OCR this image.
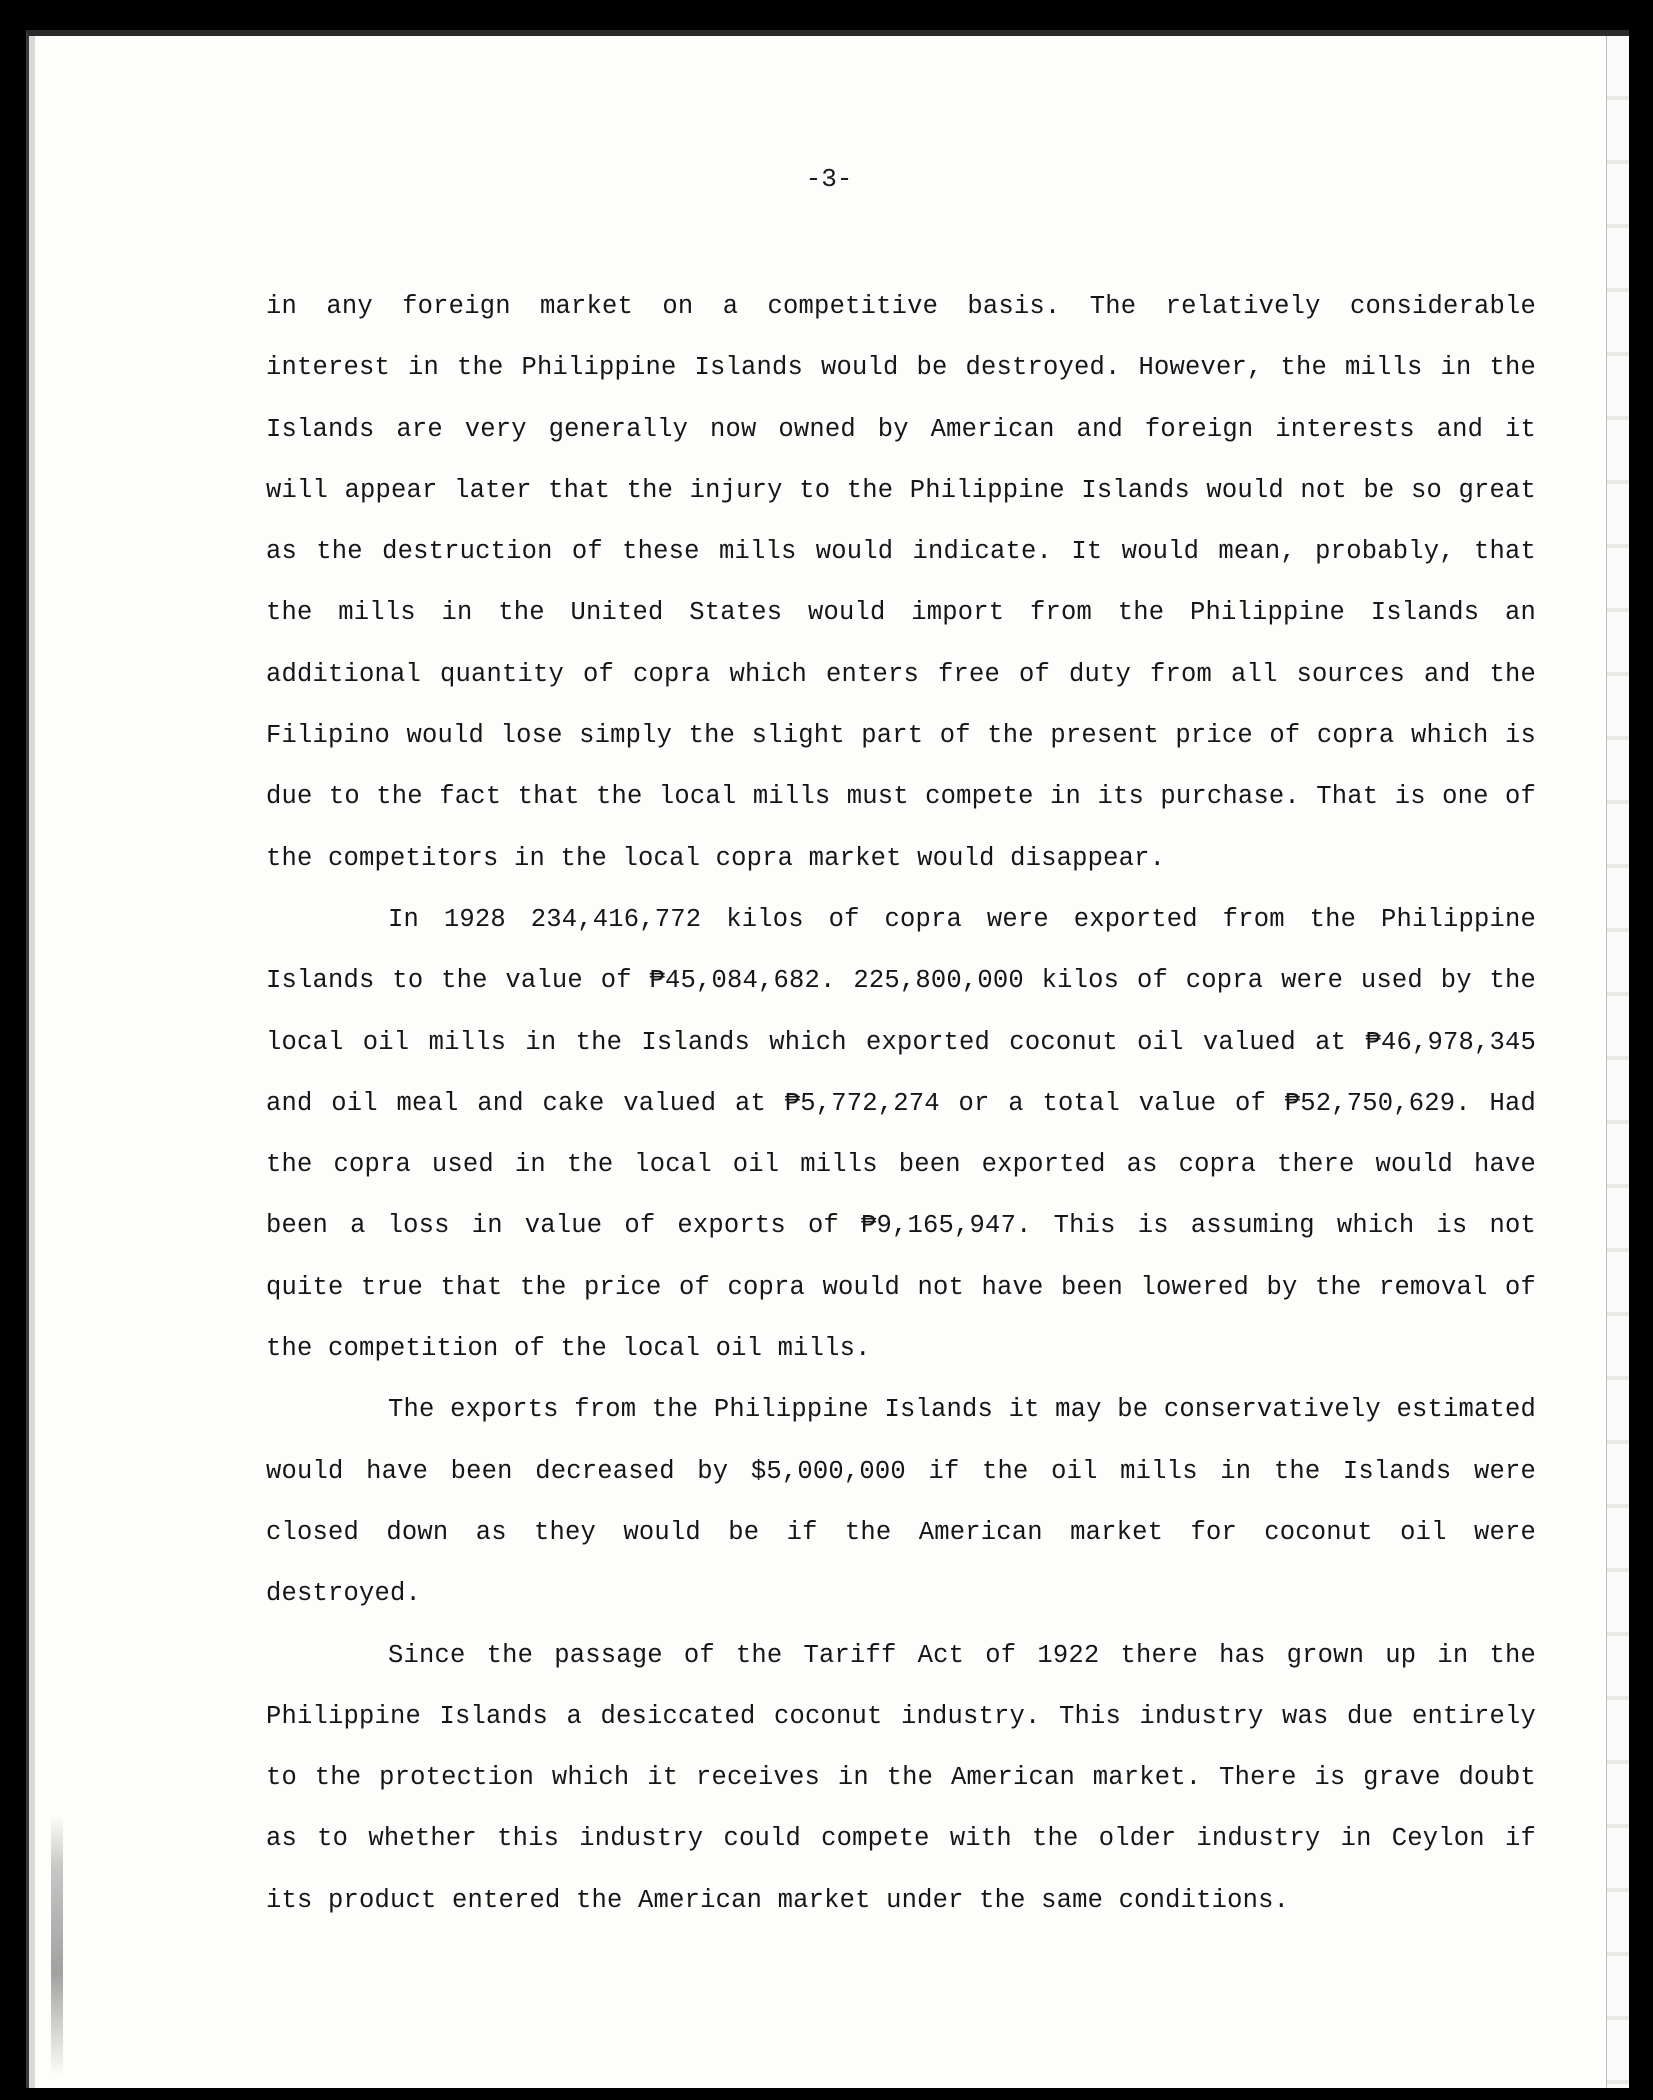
-3-

in any foreign market on a competitive basis. The relatively considerable interest in the Philippine Islands would be destroyed. However, the mills in the Islands are very generally now owned by American and foreign interests and it will appear later that the injury to the Philippine Islands would not be so great as the destruction of these mills would indicate. It would mean, probably, that the mills in the United States would import from the Philippine Islands an additional quantity of copra which enters free of duty from all sources and the Filipino would lose simply the slight part of the present price of copra which is due to the fact that the local mills must compete in its purchase. That is one of the competitors in the local copra market would disappear.

In 1928 234,416,772 kilos of copra were exported from the Philippine Islands to the value of ₱45,084,682. 225,800,000 kilos of copra were used by the local oil mills in the Islands which exported coconut oil valued at ₱46,978,345 and oil meal and cake valued at ₱5,772,274 or a total value of ₱52,750,629. Had the copra used in the local oil mills been exported as copra there would have been a loss in value of exports of ₱9,165,947. This is assuming which is not quite true that the price of copra would not have been lowered by the removal of the competition of the local oil mills.

The exports from the Philippine Islands it may be conservatively estimated would have been decreased by $5,000,000 if the oil mills in the Islands were closed down as they would be if the American market for coconut oil were destroyed.

Since the passage of the Tariff Act of 1922 there has grown up in the Philippine Islands a desiccated coconut industry. This industry was due entirely to the protection which it receives in the American market. There is grave doubt as to whether this industry could compete with the older industry in Ceylon if its product entered the American market under the same conditions.
